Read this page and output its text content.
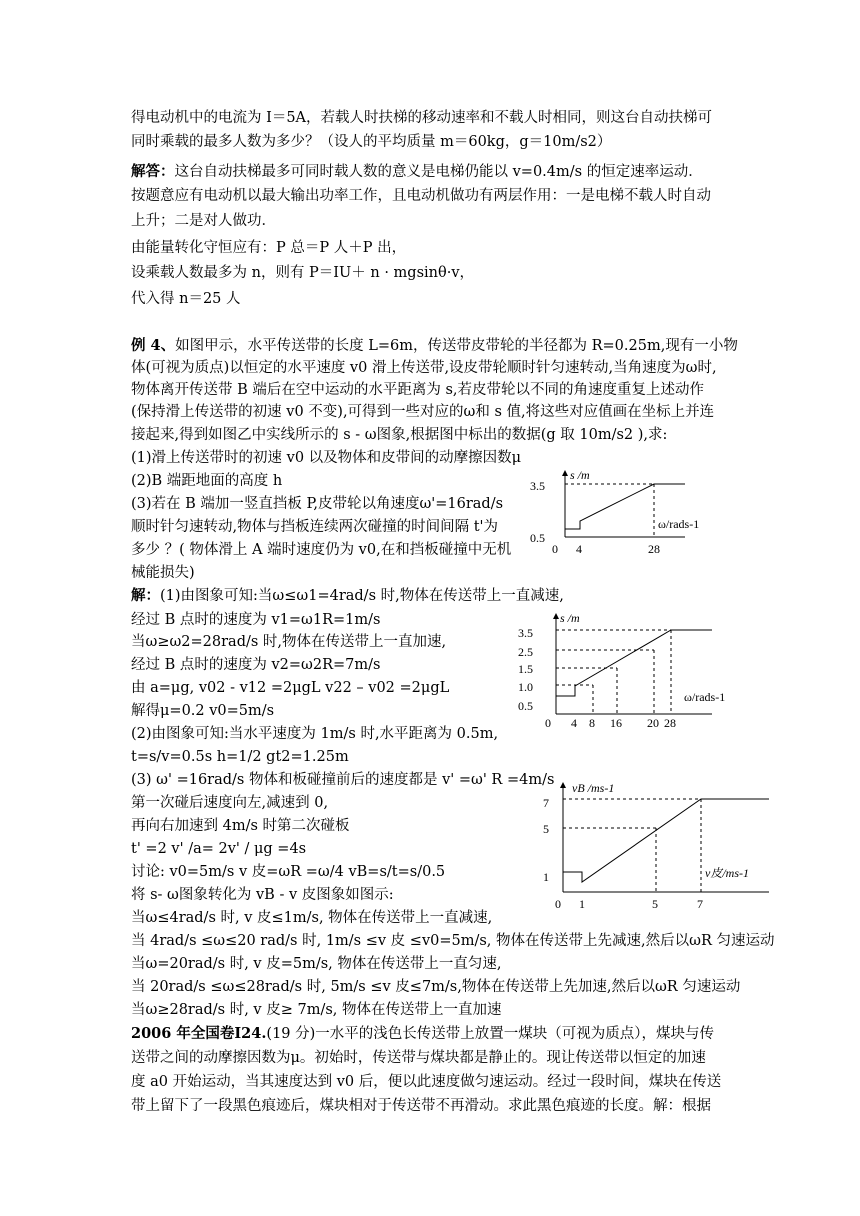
得电动机中的电流为 I＝5A，若载人时扶梯的移动速率和不载人时相同，则这台自动扶梯可
同时乘载的最多人数为多少？（设人的平均质量 m＝60kg，g＝10m/s2）
解答：这台自动扶梯最多可同时载人数的意义是电梯仍能以 v=0.4m/s 的恒定速率运动．
按题意应有电动机以最大输出功率工作，且电动机做功有两层作用：一是电梯不载人时自动
上升；二是对人做功．
由能量转化守恒应有：P 总＝P 人＋P 出，
设乘载人数最多为 n，则有 P＝IU＋ n · mgsinθ·v，
代入得 n＝25 人
例 4、如图甲示，水平传送带的长度 L=6m，传送带皮带轮的半径都为 R=0.25m,现有一小物
体(可视为质点)以恒定的水平速度 v0 滑上传送带,设皮带轮顺时针匀速转动,当角速度为ω时,
物体离开传送带 B 端后在空中运动的水平距离为 s,若皮带轮以不同的角速度重复上述动作
(保持滑上传送带的初速 v0 不变),可得到一些对应的ω和 s 值,将这些对应值画在坐标上并连
接起来,得到如图乙中实线所示的 s - ω图象,根据图中标出的数据(g 取 10m/s2 ),求:
(1)滑上传送带时的初速 v0 以及物体和皮带间的动摩擦因数μ
(2)B 端距地面的高度 h
(3)若在 B 端加一竖直挡板 P,皮带轮以角速度ω'=16rad/s
顺时针匀速转动,物体与挡板连续两次碰撞的时间间隔 t'为
多少 ？( 物体滑上 A 端时速度仍为 v0,在和挡板碰撞中无机
械能损失)
解：(1)由图象可知:当ω≤ω1=4rad/s 时,物体在传送带上一直减速,
经过 B 点时的速度为 v1=ω1R=1m/s
当ω≥ω2=28rad/s 时,物体在传送带上一直加速,
经过 B 点时的速度为 v2=ω2R=7m/s
由 a=μg, v02 - v12 =2μgL v22 – v02 =2μgL
解得μ=0.2 v0=5m/s
(2)由图象可知:当水平速度为 1m/s 时,水平距离为 0.5m,
t=s/v=0.5s h=1/2 gt2=1.25m
(3) ω' =16rad/s 物体和板碰撞前后的速度都是 v' =ω' R =4m/s
第一次碰后速度向左,减速到 0,
再向右加速到 4m/s 时第二次碰板
t' =2 v' /a= 2v' / μg =4s
讨论: v0=5m/s v 皮=ωR =ω/4 vB=s/t=s/0.5
将 s- ω图象转化为 vB - v 皮图象如图示:
当ω≤4rad/s 时, v 皮≤1m/s, 物体在传送带上一直减速,
当 4rad/s ≤ω≤20 rad/s 时, 1m/s ≤v 皮 ≤v0=5m/s, 物体在传送带上先减速,然后以ωR 匀速运动
当ω=20rad/s 时, v 皮=5m/s, 物体在传送带上一直匀速,
当 20rad/s ≤ω≤28rad/s 时, 5m/s ≤v 皮≤7m/s,物体在传送带上先加速,然后以ωR 匀速运动
当ω≥28rad/s 时, v 皮≥ 7m/s, 物体在传送带上一直加速
2006 年全国卷Ⅰ24.(19 分)一水平的浅色长传送带上放置一煤块（可视为质点），煤块与传
送带之间的动摩擦因数为μ。初始时，传送带与煤块都是静止的。现让传送带以恒定的加速
度 a0 开始运动，当其速度达到 v0 后，便以此速度做匀速运动。经过一段时间，煤块在传送
带上留下了一段黑色痕迹后，煤块相对于传送带不再滑动。求此黑色痕迹的长度。解：根据
s /m
ω/rads-1
3.5
0.5
0 4	28
s /m
ω/rads-1
3.5
2.5
1.5
1.0
0.5
0 4 8 16 20 28
vB /ms-1
v皮/ms-1
7
5
1
0 1	5	7
